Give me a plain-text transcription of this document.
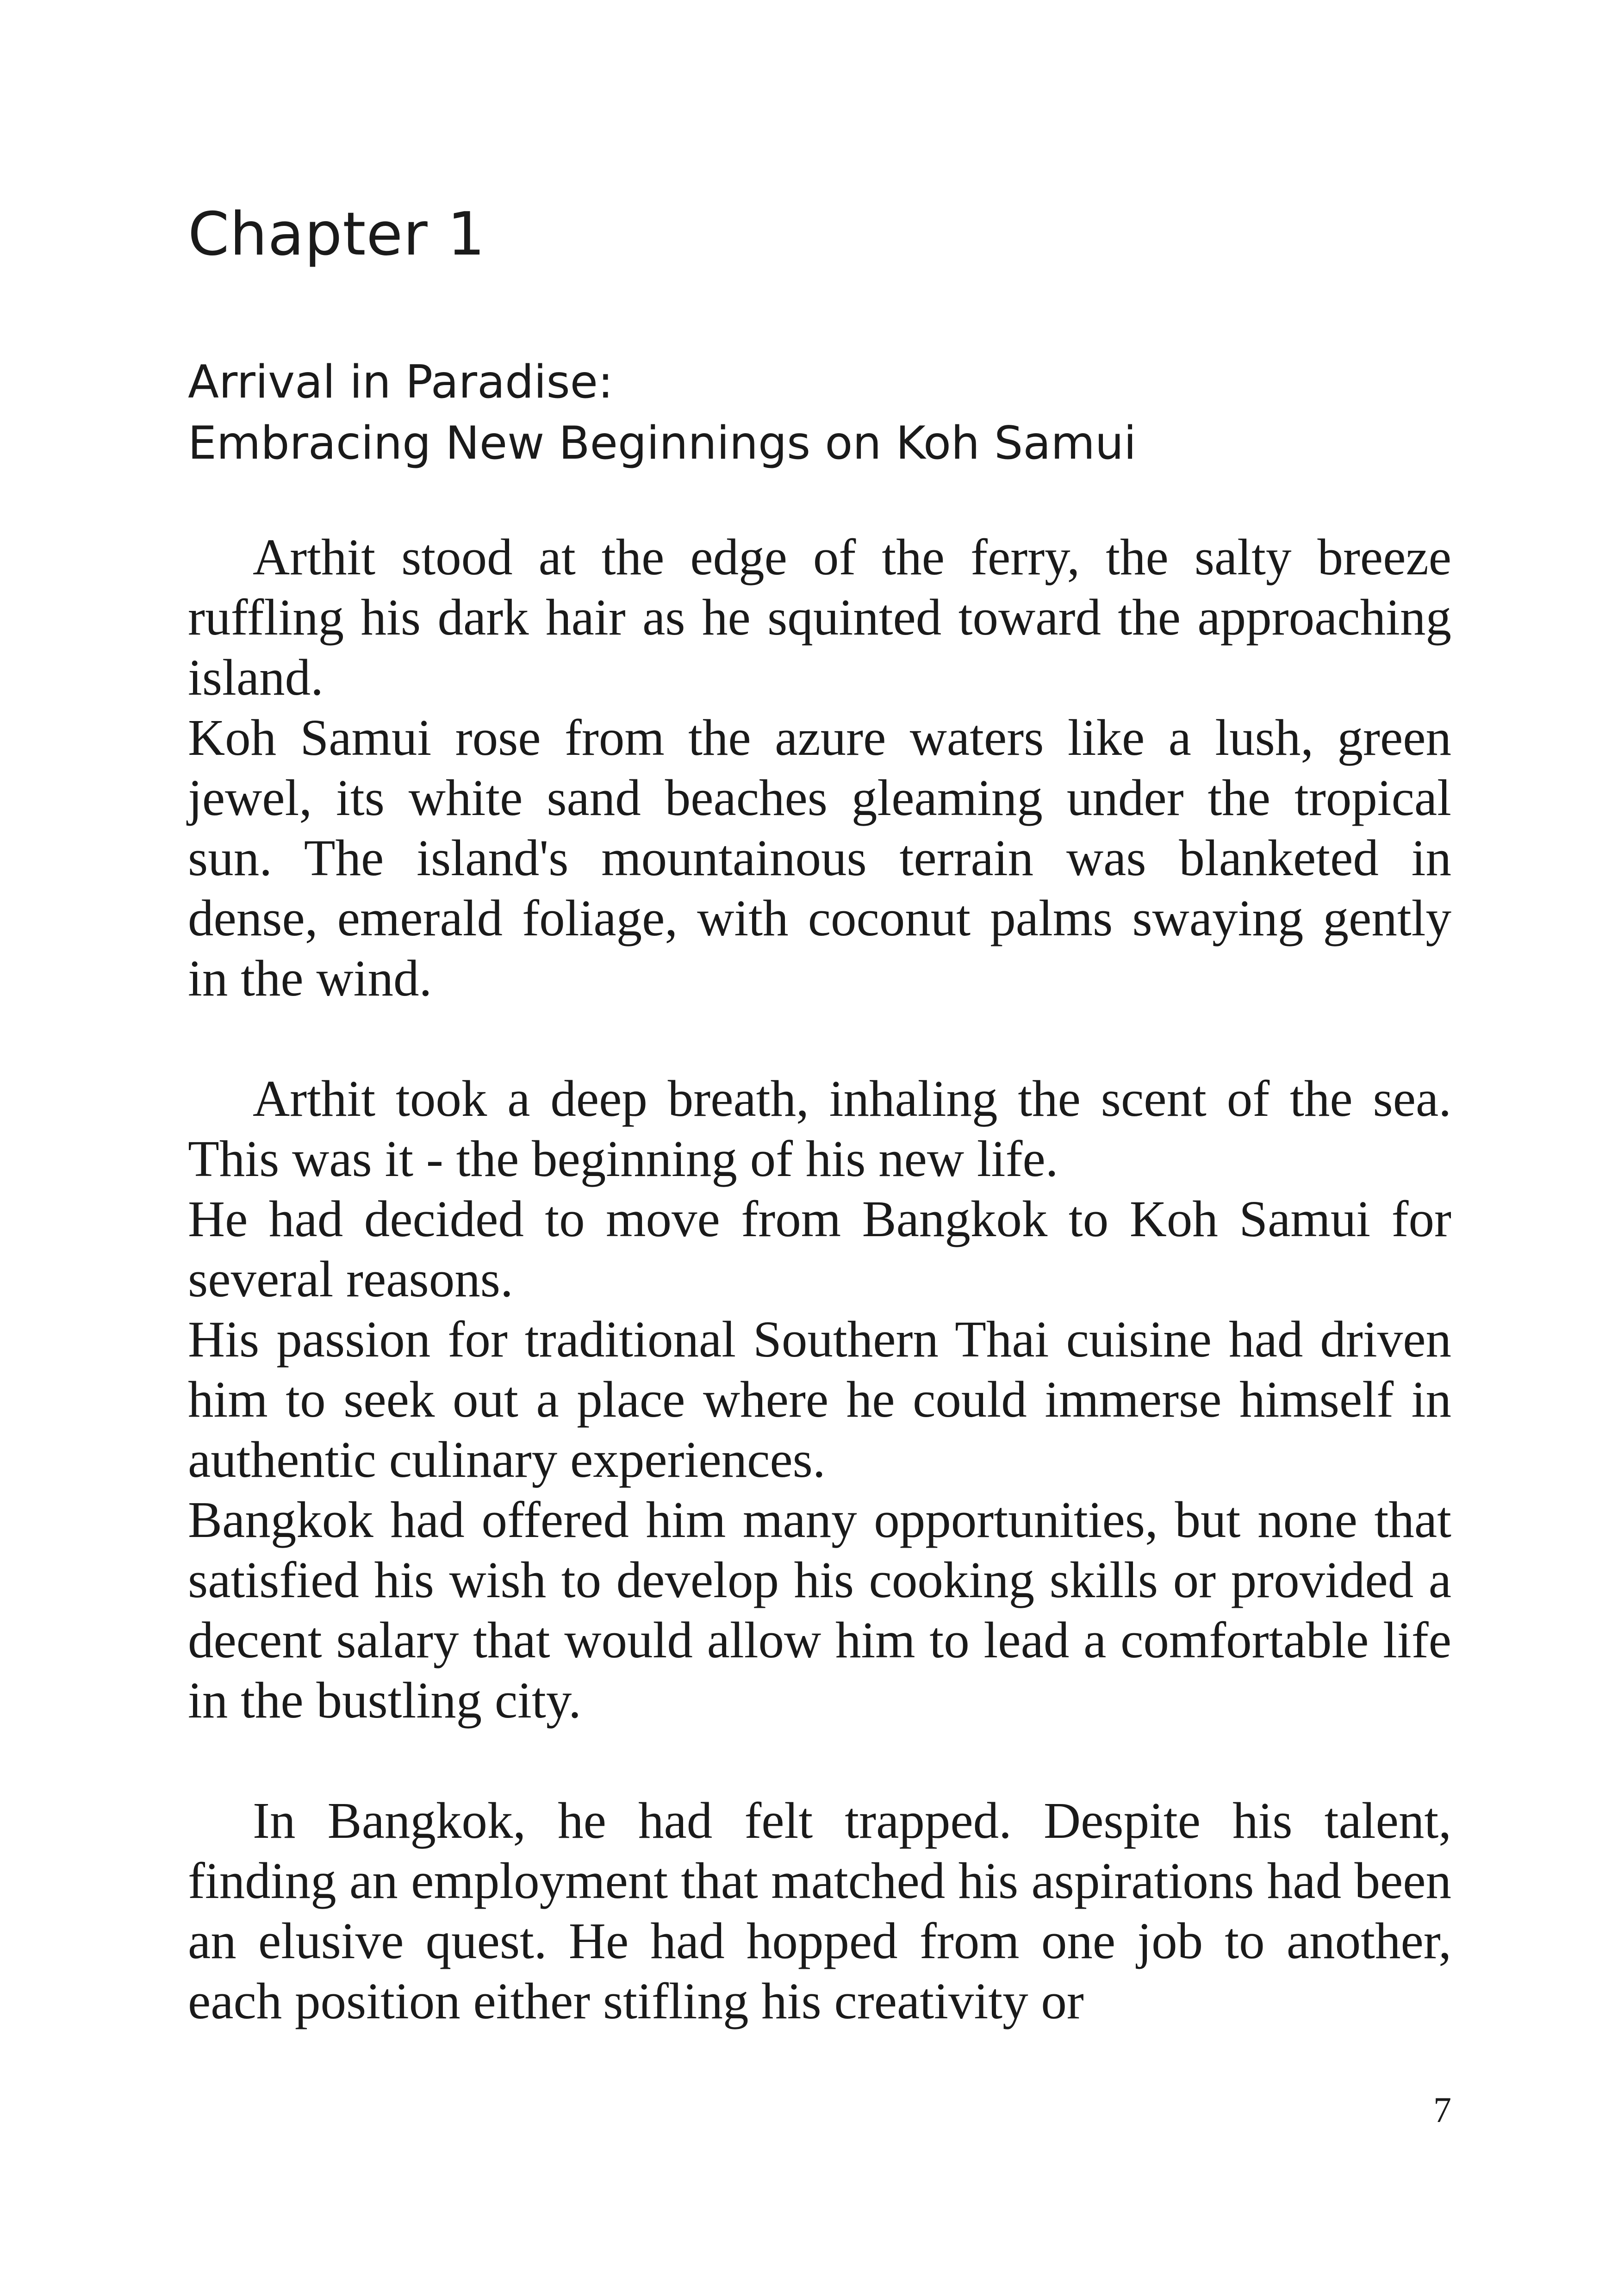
Chapter 1
Arrival in Paradise:
Embracing New Beginnings on Koh Samui

Arthit stood at the edge of the ferry, the salty breeze ruffling his dark hair as he squinted toward the approaching island.

Koh Samui rose from the azure waters like a lush, green jewel, its white sand beaches gleaming under the tropical sun. The island's mountainous terrain was blanketed in dense, emerald foliage, with coconut palms swaying gently in the wind.

Arthit took a deep breath, inhaling the scent of the sea. This was it - the beginning of his new life.

He had decided to move from Bangkok to Koh Samui for several reasons.

His passion for traditional Southern Thai cuisine had driven him to seek out a place where he could immerse himself in authentic culinary experiences.

Bangkok had offered him many opportunities, but none that satisfied his wish to develop his cooking skills or provided a decent salary that would allow him to lead a comfortable life in the bustling city.

In Bangkok, he had felt trapped. Despite his talent, finding an employment that matched his aspirations had been an elusive quest. He had hopped from one job to another, each position either stifling his creativity or

7
